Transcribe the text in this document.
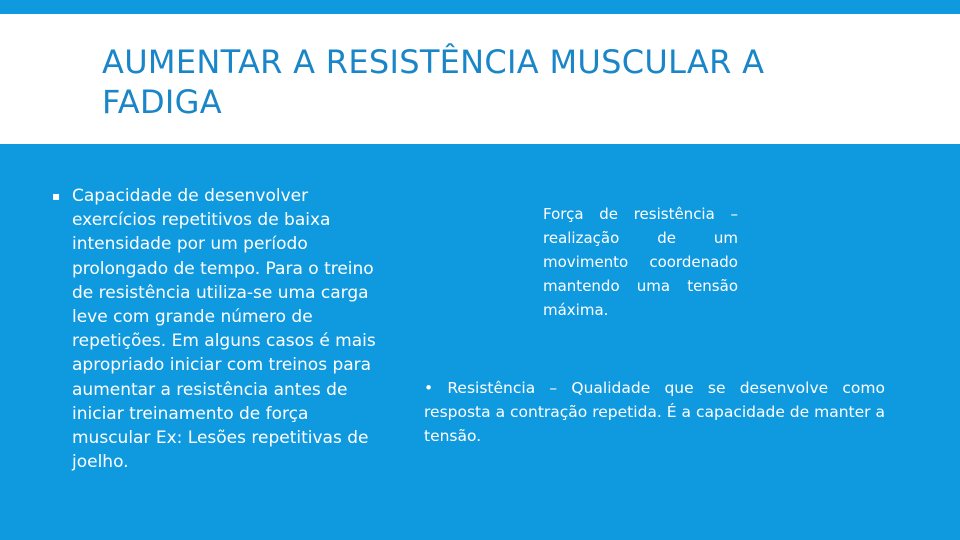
AUMENTAR A RESISTÊNCIA MUSCULAR A FADIGA
▪ Capacidade de desenvolver exercícios repetitivos de baixa intensidade por um período prolongado de tempo. Para o treino de resistência utiliza-se uma carga leve com grande número de repetições. Em alguns casos é mais apropriado iniciar com treinos para aumentar a resistência antes de iniciar treinamento de força muscular Ex: Lesões repetitivas de joelho.
Força de resistência – realização de um movimento coordenado mantendo uma tensão máxima.
• Resistência – Qualidade que se desenvolve como resposta a contração repetida. É a capacidade de manter a tensão.
